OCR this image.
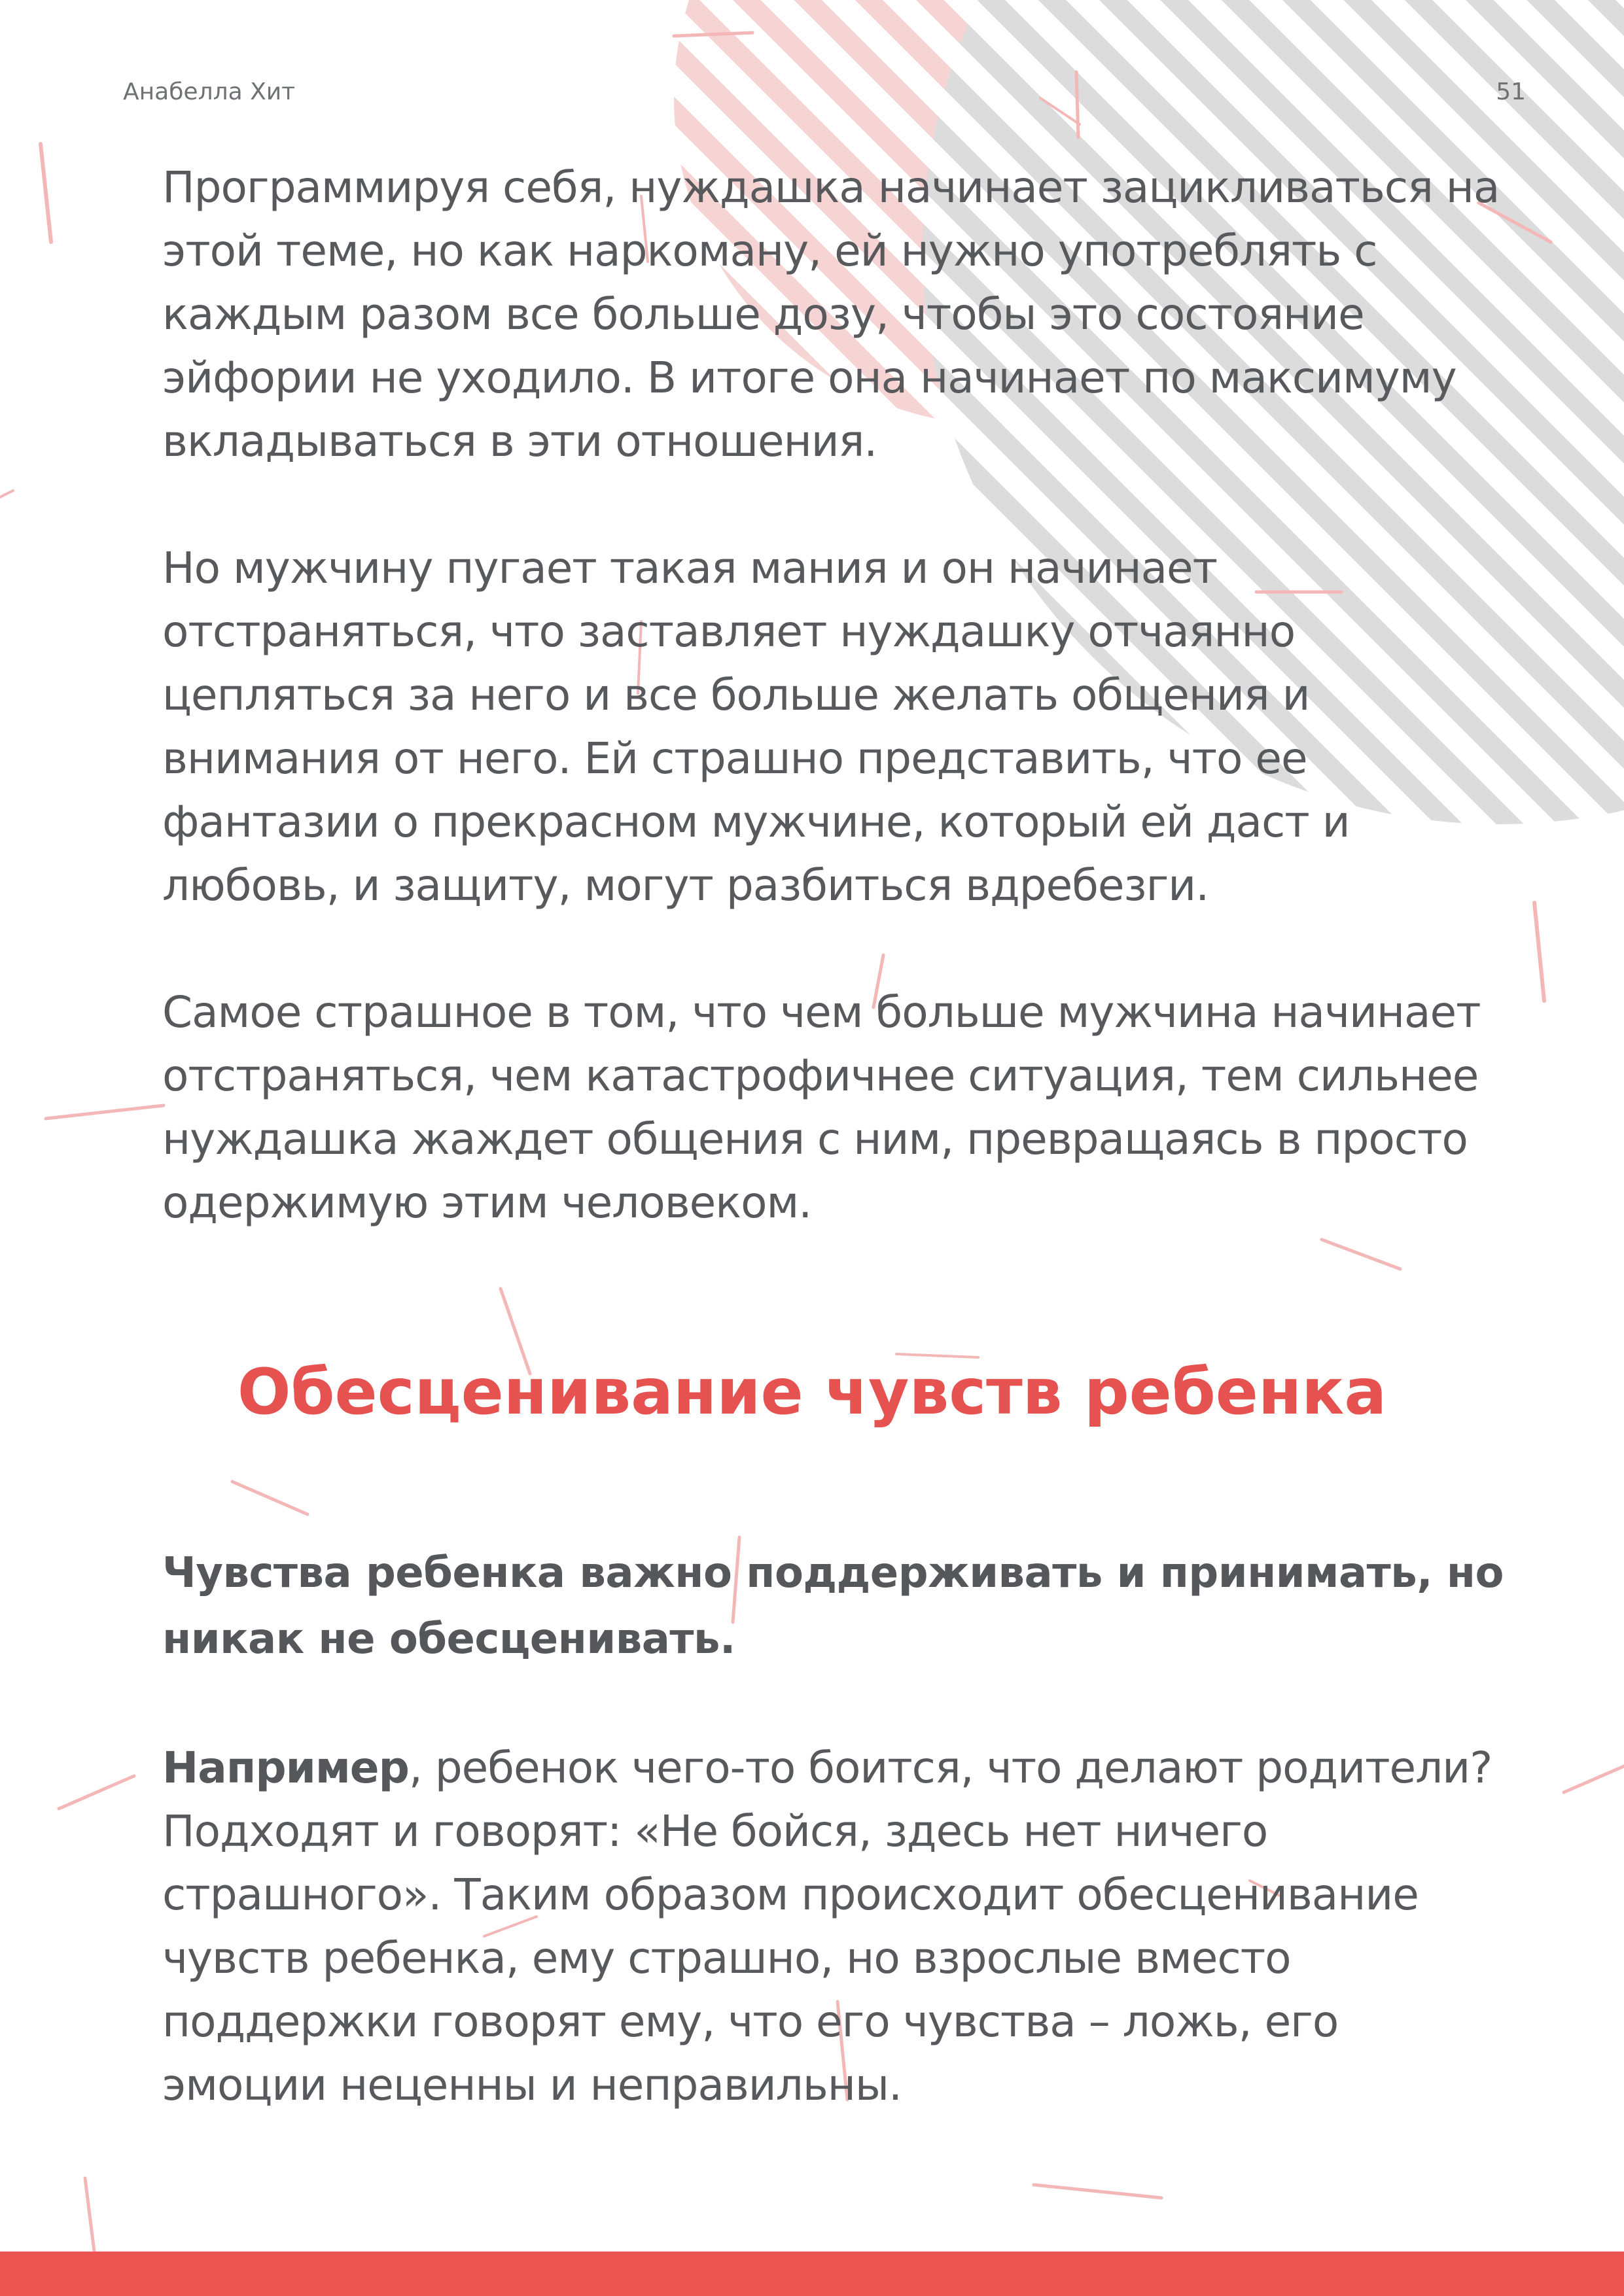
Анабелла Хит	51

Программируя себя, нуждашка начинает зацикливаться на этой теме, но как наркоману, ей нужно употреблять с каждым разом все больше дозу, чтобы это состояние эйфории не уходило. В итоге она начинает по максимуму вкладываться в эти отношения.

Но мужчину пугает такая мания и он начинает отстраняться, что заставляет нуждашку отчаянно цепляться за него и все больше желать общения и внимания от него. Ей страшно представить, что ее фантазии о прекрасном мужчине, который ей даст и любовь, и защиту, могут разбиться вдребезги.

Самое страшное в том, что чем больше мужчина начинает отстраняться, чем катастрофичнее ситуация, тем сильнее нуждашка жаждет общения с ним, превращаясь в просто одержимую этим человеком.

Обесценивание чувств ребенка

Чувства ребенка важно поддерживать и принимать, но никак не обесценивать.

Например, ребенок чего-то боится, что делают родители? Подходят и говорят: «Не бойся, здесь нет ничего страшного». Таким образом происходит обесценивание чувств ребенка, ему страшно, но взрослые вместо поддержки говорят ему, что его чувства – ложь, его эмоции неценны и неправильны.
